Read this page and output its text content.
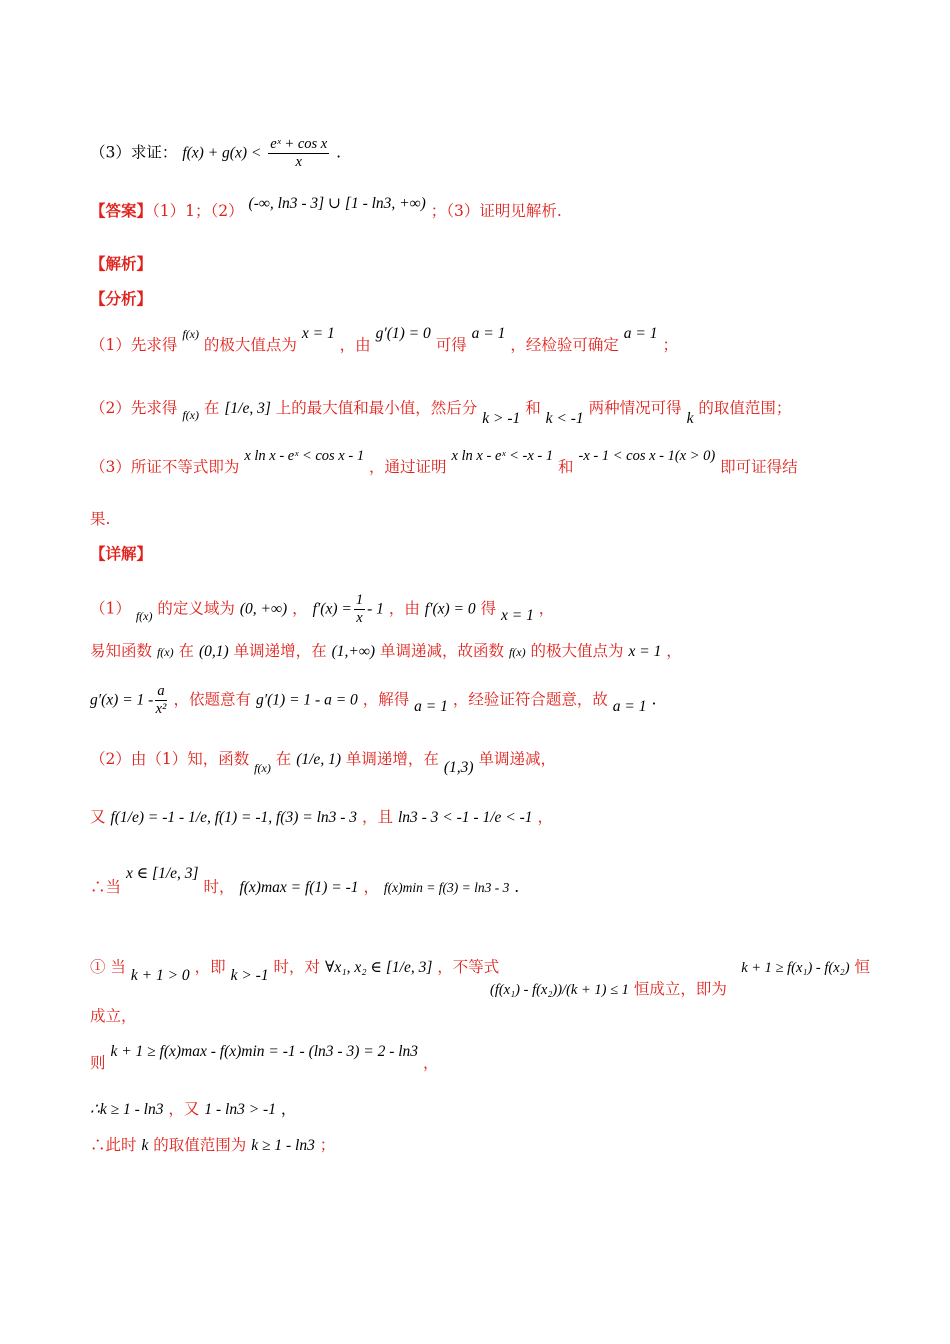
（3）求证： $f(x) + g(x) < \frac{\text{eˣ + cos x}}{x}$ .
【答案】（1）1；（2） (-∞, ln3 - 3] ∪ [1 - ln3, +∞) ；（3）证明见解析.
【解析】
【分析】
（1）先求得 $^{f(x)}$ 的极大值点为 x = 1 ，由 g′(1) = 0 可得 a = 1 ，经检验可确定 a = 1 ；
（2）先求得 $_{f(x)}$ 在 [1/e, 3] 上的最大值和最小值，然后分 k > -1 和 k < -1 两种情况可得 k 的取值范围；
（3）所证不等式即为 x ln x - eˣ < cos x - 1 ，通过证明 x ln x - eˣ < -x - 1 和 -x - 1 < cos x - 1(x > 0) 即可证得结
果.
【详解】
（1） $_{f(x)}$ 的定义域为 (0, +∞) ， $f'(x) = \frac{1}{x} - 1$ ，由 f′(x) = 0 得 x = 1 ，
易知函数 f(x) 在 (0,1) 单调递增，在 (1,+∞) 单调递减，故函数 f(x) 的极大值点为 x = 1 ，
$g'(x) = 1 - \frac{a}{\text{x²}}$ ，依题意有 g′(1) = 1 - a = 0 ，解得 a = 1 ，经验证符合题意，故 a = 1 .
（2）由（1）知，函数 $_{f(x)}$ 在 (1/e, 1) 单调递增，在 (1,3) 单调递减，
又 f(1/e) = -1 - 1/e, f(1) = -1, f(3) = ln3 - 3 ，且 ln3 - 3 < -1 - 1/e < -1 ，
∴当 x ∈ [1/e, 3] 时， f(x)max = f(1) = -1 ， f(x)min = f(3) = ln3 - 3 .
① 当 k + 1 > 0 ，即 k > -1 时，对 ∀x₁, x₂ ∈ [1/e, 3] ，不等式
(f(x₁) - f(x₂))/(k + 1) ≤ 1 恒成立，即为
k + 1 ≥ f(x₁) - f(x₂) 恒
成立，
则 k + 1 ≥ f(x)max - f(x)min = -1 - (ln3 - 3) = 2 - ln3 ，
∴k ≥ 1 - ln3 ，又 1 - ln3 > -1 ，
∴此时 k 的取值范围为 k ≥ 1 - ln3 ；
